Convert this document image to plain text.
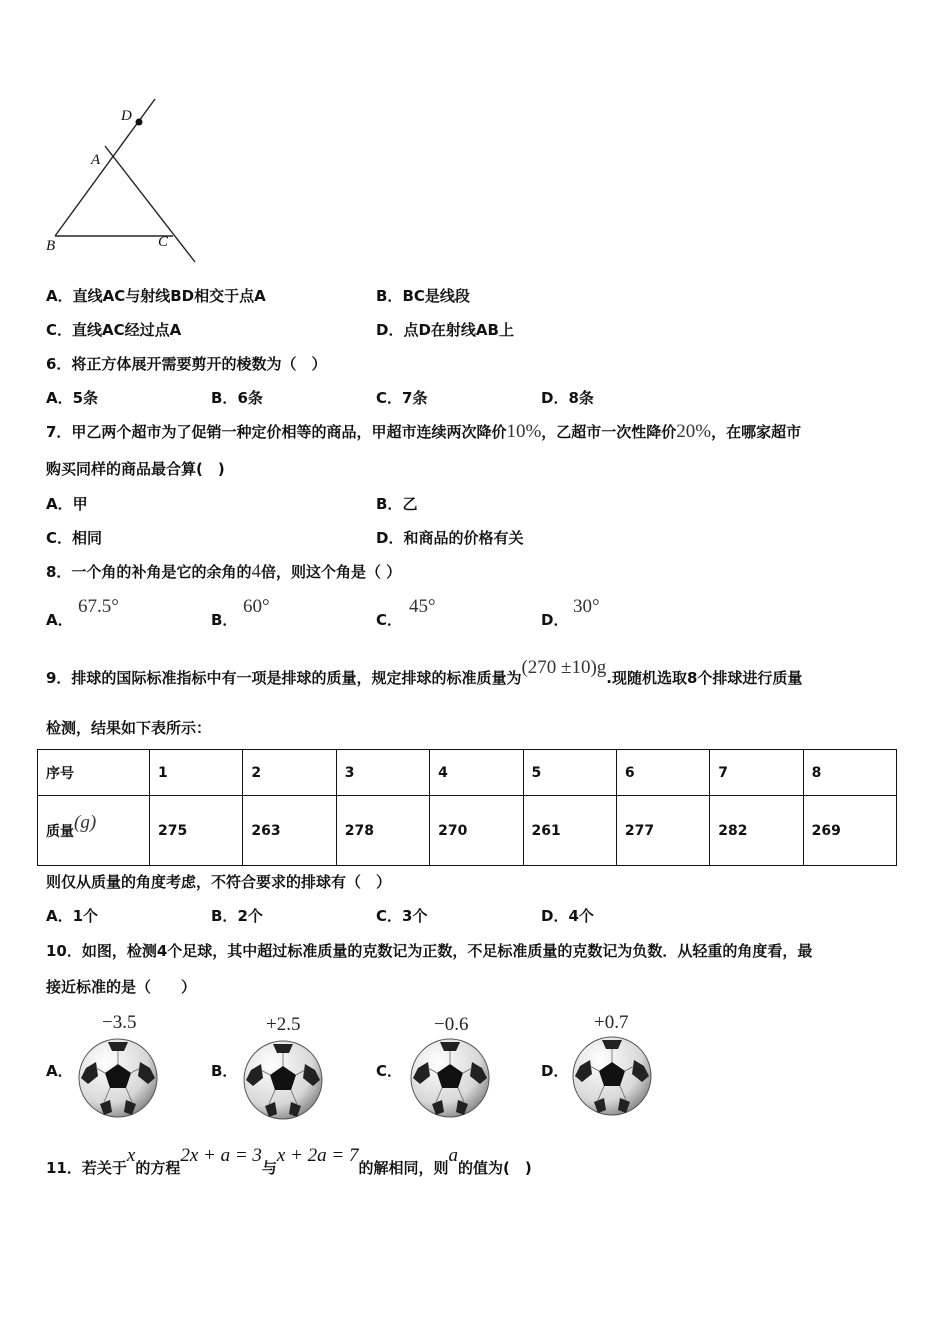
D
A
B	C
A．直线AC与射线BD相交于点A	B．BC是线段
C．直线AC经过点A	D．点D在射线AB上
6．将正方体展开需要剪开的棱数为（　）
A．5条	B．6条	C．7条	D．8条
7．甲乙两个超市为了促销一种定价相等的商品，甲超市连续两次降价10%，乙超市一次性降价20%，在哪家超市
购买同样的商品最合算(　)
A．甲	B．乙
C．相同	D．和商品的价格有关
8．一个角的补角是它的余角的4倍，则这个角是（ ）
A．
67.5°
B．
60°
C．
45°
D．
30°
9．排球的国际标准指标中有一项是排球的质量，规定排球的标准质量为(270 ±10)g.现随机选取8个排球进行质量
检测，结果如下表所示：
序号	1	2	3	4	5	6	7	8
质量(g)	275	263	278	270	261	277	282	269
则仅从质量的角度考虑，不符合要求的排球有（　）
A．1个	B．2个	C．3个	D．4个
10．如图，检测4个足球，其中超过标准质量的克数记为正数，不足标准质量的克数记为负数．从轻重的角度看，最
接近标准的是（　　）
A．
−3.5
B．
+2.5
C．
−0.6
D．
+0.7
11．若关于x的方程2x + a = 3与x + 2a = 7的解相同，则a的值为(　)
